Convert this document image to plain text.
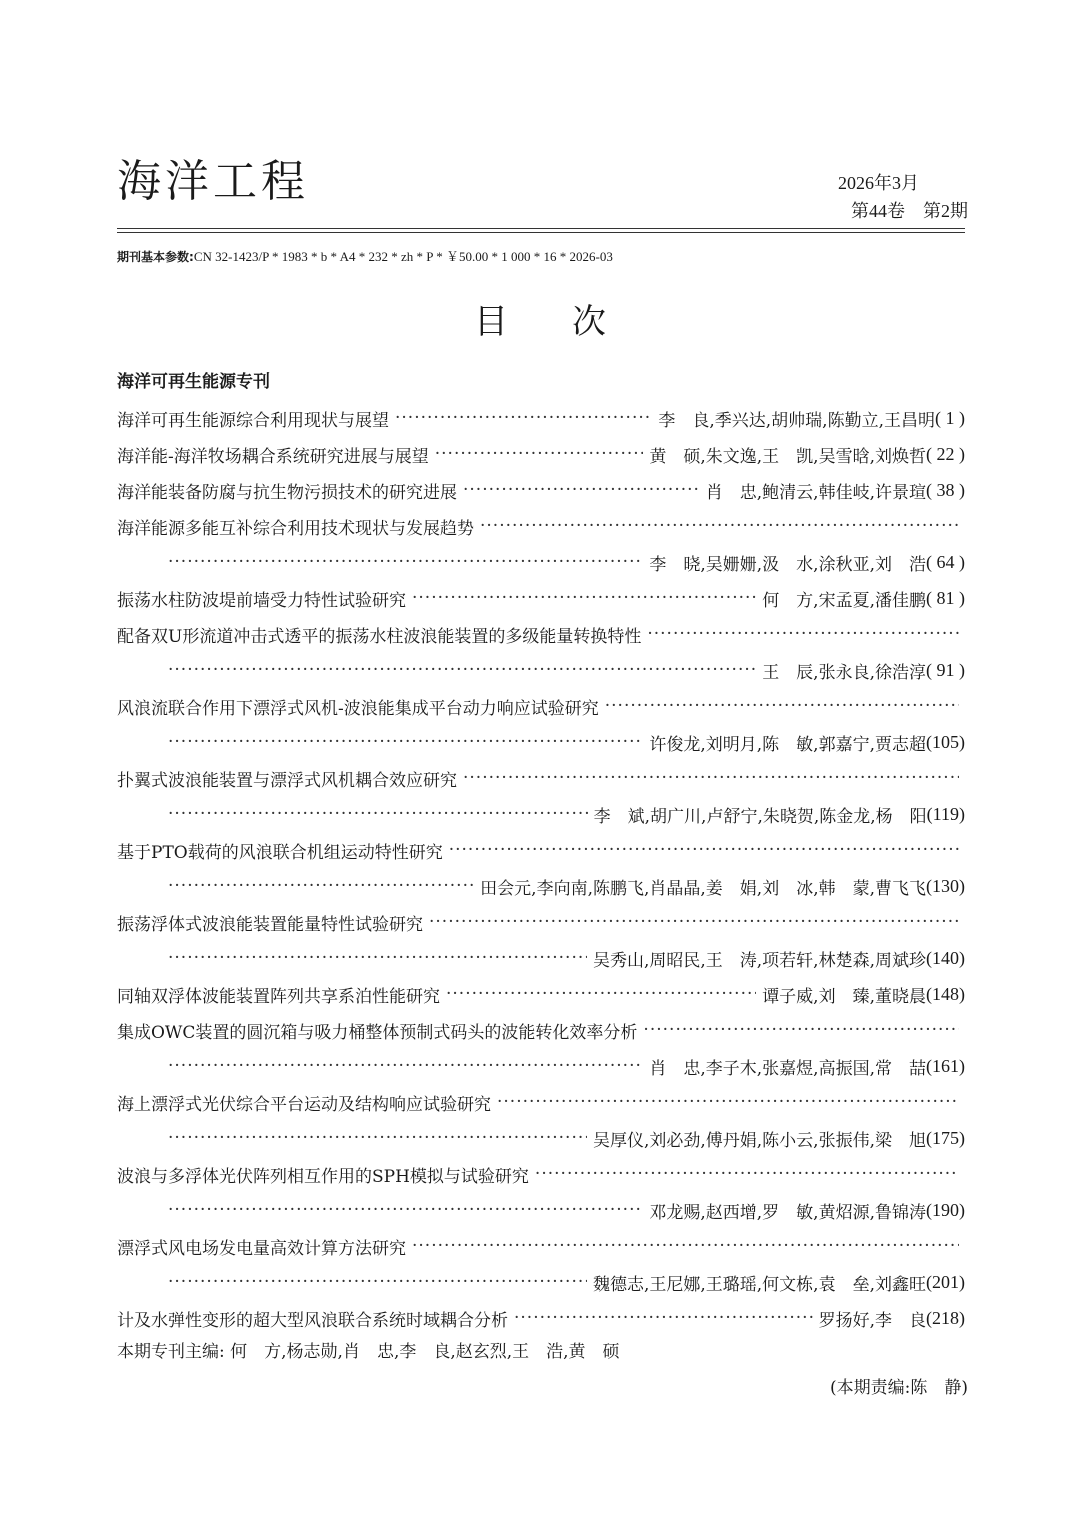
海洋工程	2026年3月
第44卷    第2期
期刊基本参数:CN 32-1423/P * 1983 * b * A4 * 232 * zh * P * ￥50.00 * 1 000 * 16 * 2026-03
目次
海洋可再生能源专刊
海洋可再生能源综合利用现状与展望 ·····	李　良,季兴达,胡帅瑞,陈勤立,王昌明 ( 1 )
海洋能-海洋牧场耦合系统研究进展与展望 ·····	黄　硕,朱文逸,王　凯,吴雪晗,刘焕哲 ( 22 )
海洋能装备防腐与抗生物污损技术的研究进展 ·····	肖　忠,鲍清云,韩佳岐,许景瑄 ( 38 )
海洋能源多能互补综合利用技术现状与发展趋势
·····
·····
李　晓,吴姗姗,汲　水,涂秋亚,刘　浩 ( 64 )
振荡水柱防波堤前墙受力特性试验研究 ·····	何　方,宋孟夏,潘佳鹏 ( 81 )
配备双U形流道冲击式透平的振荡水柱波浪能装置的多级能量转换特性
·····
·····
王　辰,张永良,徐浩淳 ( 91 )
风浪流联合作用下漂浮式风机-波浪能集成平台动力响应试验研究
·····
·····
许俊龙,刘明月,陈　敏,郭嘉宁,贾志超 (105)
扑翼式波浪能装置与漂浮式风机耦合效应研究
·····
·····
李　斌,胡广川,卢舒宁,朱晓贺,陈金龙,杨　阳 (119)
基于PTO载荷的风浪联合机组运动特性研究
·····
·····
田会元,李向南,陈鹏飞,肖晶晶,姜　娟,刘　冰,韩　蒙,曹飞飞 (130)
振荡浮体式波浪能装置能量特性试验研究
·····
·····
吴秀山,周昭民,王　涛,项若轩,林楚森,周斌珍 (140)
同轴双浮体波能装置阵列共享系泊性能研究 ·····	谭子威,刘　臻,董晓晨 (148)
集成OWC装置的圆沉箱与吸力桶整体预制式码头的波能转化效率分析
·····
·····
肖　忠,李子木,张嘉煜,高振国,常　喆 (161)
海上漂浮式光伏综合平台运动及结构响应试验研究
·····
·····
吴厚仪,刘必劲,傅丹娟,陈小云,张振伟,梁　旭 (175)
波浪与多浮体光伏阵列相互作用的SPH模拟与试验研究
·····
·····
邓龙赐,赵西增,罗　敏,黄炤源,鲁锦涛 (190)
漂浮式风电场发电量高效计算方法研究
·····
·····
魏德志,王尼娜,王璐瑶,何文栋,袁　垒,刘鑫旺 (201)
计及水弹性变形的超大型风浪联合系统时域耦合分析 ·····	罗扬好,李　良 (218)
本期专刊主编: 何　方,杨志勋,肖　忠,李　良,赵玄烈,王　浩,黄　硕
(本期责编:陈　静)
